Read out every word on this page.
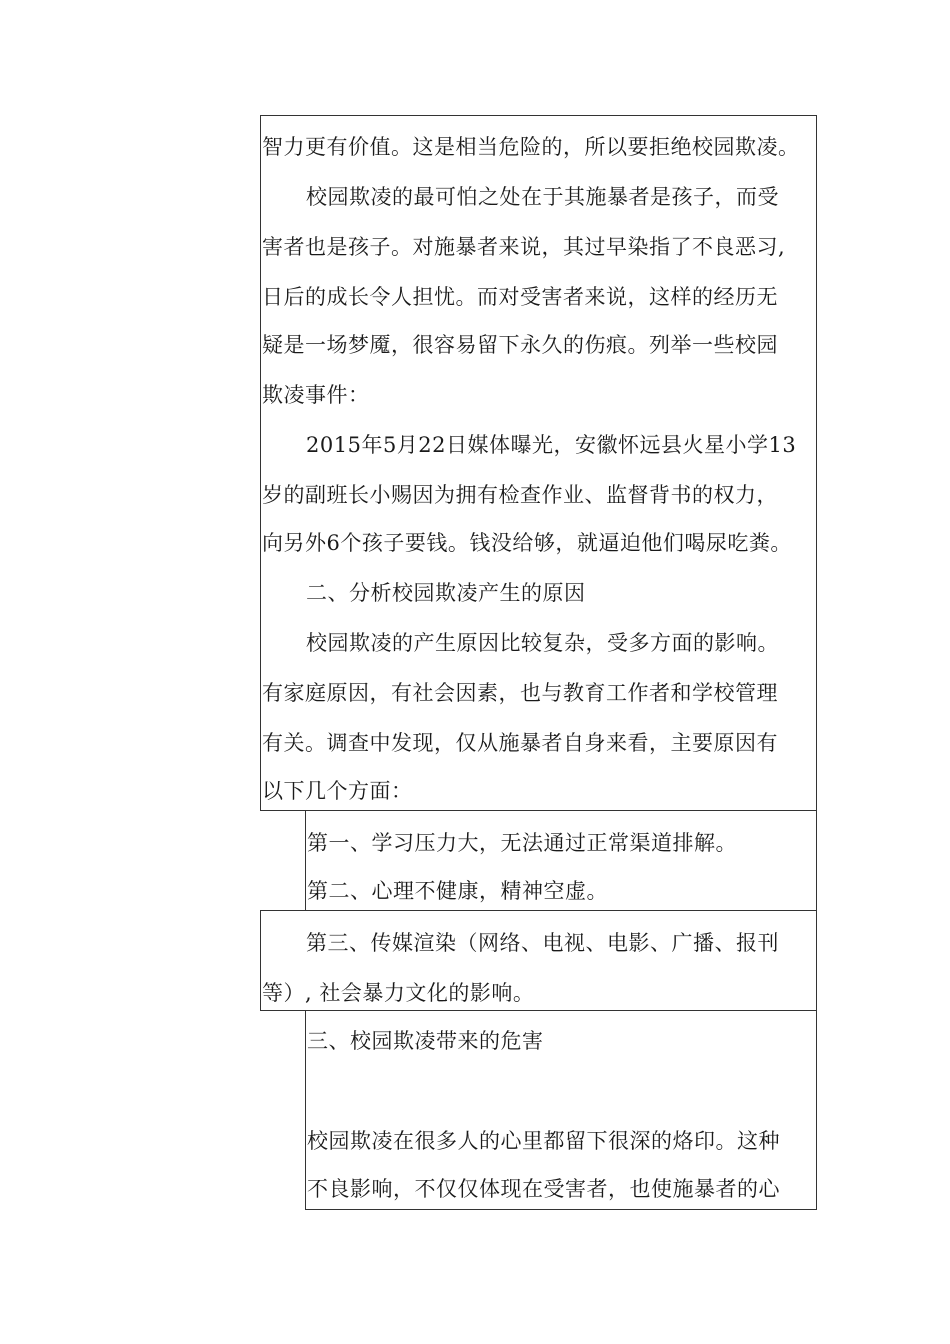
智力更有价值。这是相当危险的，所以要拒绝校园欺凌。
校园欺凌的最可怕之处在于其施暴者是孩子，而受
害者也是孩子。对施暴者来说，其过早染指了不良恶习,
日后的成长令人担忧。而对受害者来说，这样的经历无
疑是一场梦魇，很容易留下永久的伤痕。列举一些校园
欺凌事件：
2015年5月22日媒体曝光，安徽怀远县火星小学13
岁的副班长小赐因为拥有检查作业、监督背书的权力，
向另外6个孩子要钱。钱没给够，就逼迫他们喝尿吃粪。
二、分析校园欺凌产生的原因
校园欺凌的产生原因比较复杂，受多方面的影响。
有家庭原因，有社会因素，也与教育工作者和学校管理
有关。调查中发现，仅从施暴者自身来看，主要原因有
以下几个方面：
第一、学习压力大，无法通过正常渠道排解。
第二、心理不健康，精神空虚。
第三、传媒渲染（网络、电视、电影、广播、报刊
等）, 社会暴力文化的影响。
三、校园欺凌带来的危害
校园欺凌在很多人的心里都留下很深的烙印。这种
不良影响，不仅仅体现在受害者，也使施暴者的心
